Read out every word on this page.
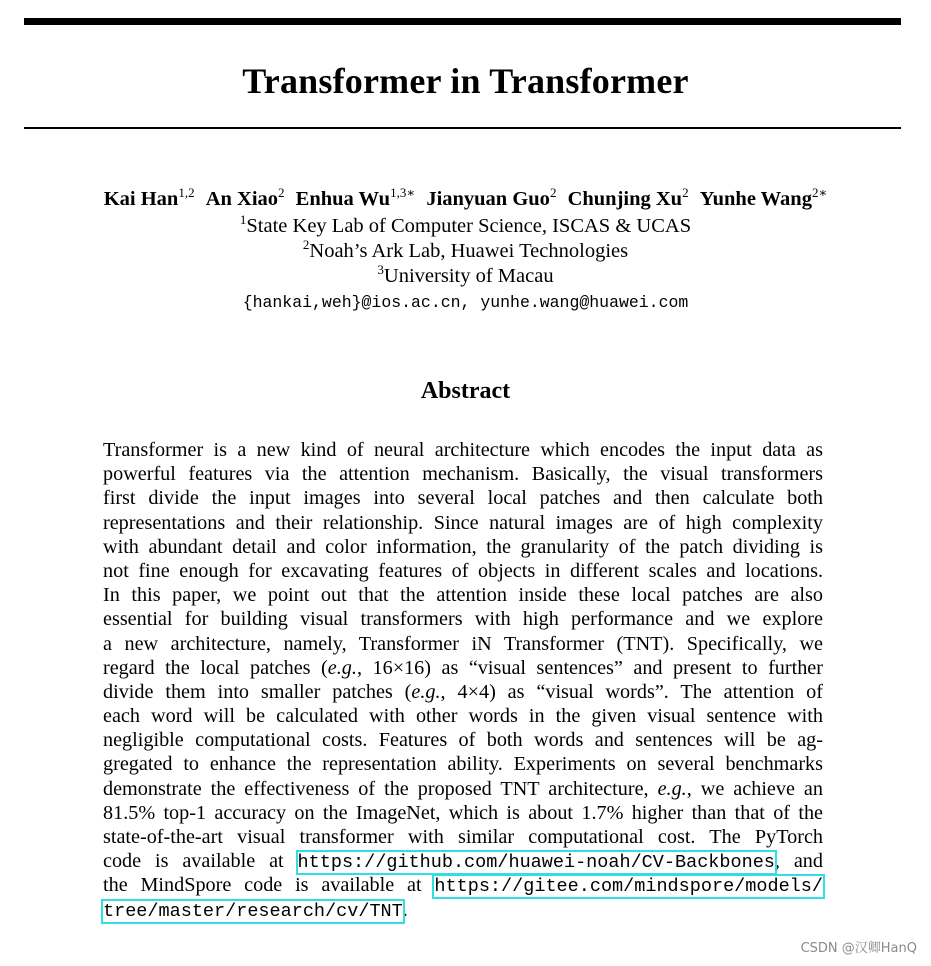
Transformer in Transformer
Kai Han$^{1,2}$ An Xiao$^2$ Enhua $Wu^{1,3∗}$ Jianyuan Guo$^2$ Chunjing Xu$^2$ Yunhe Wang$^{2∗}$
$^1$State Key Lab of Computer Science, ISCAS & UCAS
$^2$Noah’s Ark Lab, Huawei Technologies
$^3$University of Macau
{hankai,weh}@ios.ac.cn, yunhe.wang@huawei.com
Abstract
Transformer is a new kind of neural architecture which encodes the input data as
powerful features via the attention mechanism. Basically, the visual transformers
first divide the input images into several local patches and then calculate both
representations and their relationship. Since natural images are of high complexity
with abundant detail and color information, the granularity of the patch dividing is
not fine enough for excavating features of objects in different scales and locations.
In this paper, we point out that the attention inside these local patches are also
essential for building visual transformers with high performance and we explore
a new architecture, namely, Transformer iN Transformer (TNT). Specifically, we
regard the local patches (e.g., 16×16) as “visual sentences” and present to further
divide them into smaller patches (e.g., 4×4) as “visual words”. The attention of
each word will be calculated with other words in the given visual sentence with
negligible computational costs. Features of both words and sentences will be ag-
gregated to enhance the representation ability. Experiments on several benchmarks
demonstrate the effectiveness of the proposed TNT architecture, e.g., we achieve an
81.5% top-1 accuracy on the ImageNet, which is about 1.7% higher than that of the
state-of-the-art visual transformer with similar computational cost. The PyTorch
code is available at https://github.com/huawei-noah/CV-Backbones, and
the MindSpore code is available at https://gitee.com/mindspore/models/
tree/master/research/cv/TNT.
CSDN @汉卿HanQ
